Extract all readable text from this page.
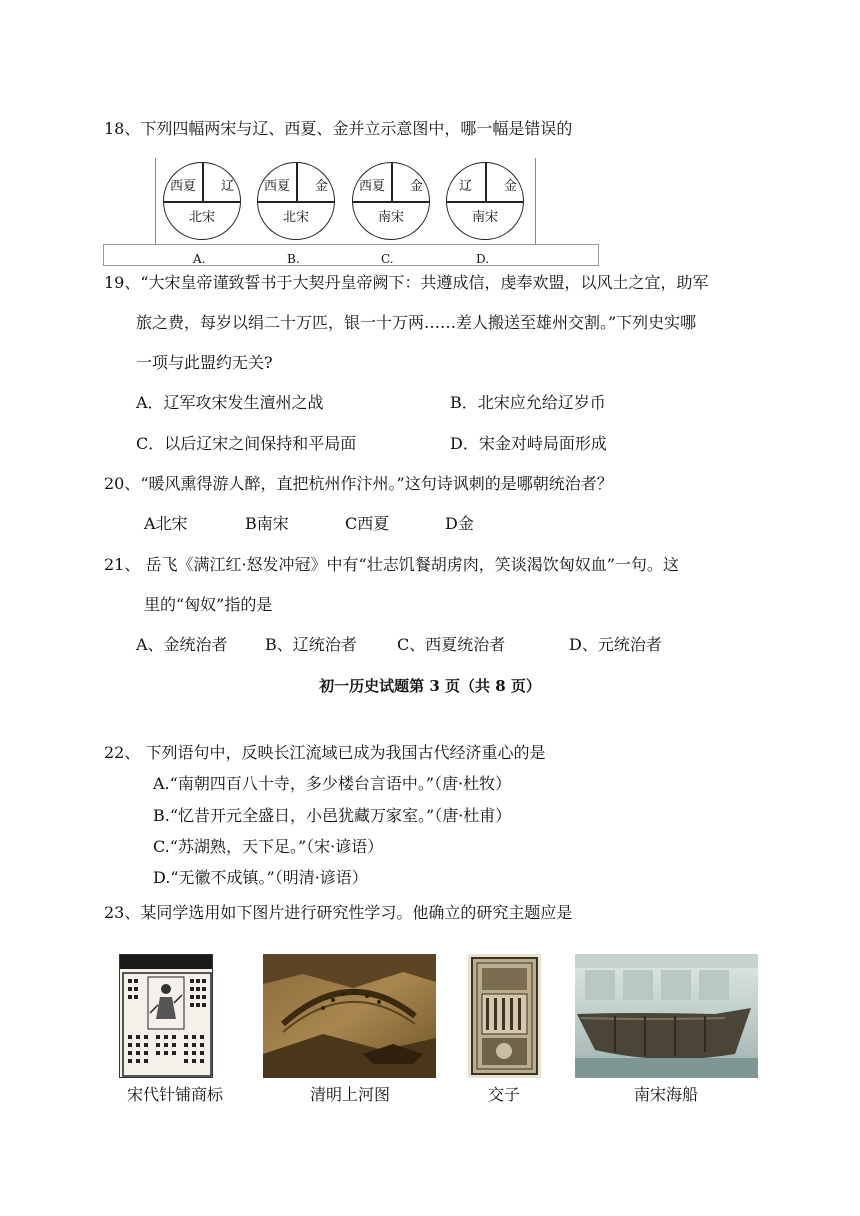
18、下列四幅两宋与辽、西夏、金并立示意图中，哪一幅是错误的
西夏 辽
北宋
西夏 金
北宋
西夏 金
南宋
辽 金
南宋
A.	B.	C.	D.
19、“大宋皇帝谨致誓书于大契丹皇帝阙下：共遵成信，虔奉欢盟，以风土之宜，助军
旅之费，每岁以绢二十万匹，银一十万两……差人搬送至雄州交割。”下列史实哪
一项与此盟约无关?
A．辽军攻宋发生澶州之战	B．北宋应允给辽岁币
C．以后辽宋之间保持和平局面	D．宋金对峙局面形成
20、“暖风熏得游人醉，直把杭州作汴州。”这句诗讽刺的是哪朝统治者？
A北宋	B南宋	C西夏	D金
21、 岳飞《满江红·怒发冲冠》中有“壮志饥餐胡虏肉，笑谈渴饮匈奴血”一句。这
里的“匈奴”指的是
A、金统治者 B、辽统治者	C、西夏统治者	D、元统治者
初一历史试题第 3 页（共 8 页）
22、 下列语句中，反映长江流域已成为我国古代经济重心的是
A.“南朝四百八十寺，多少楼台言语中。”（唐·杜牧）
B.“忆昔开元全盛日，小邑犹藏万家室。”（唐·杜甫）
C.“苏湖熟，天下足。”（宋·谚语）
D.“无徽不成镇。”（明清·谚语）
23、某同学选用如下图片进行研究性学习。他确立的研究主题应是
宋代针铺商标	清明上河图	交子	南宋海船
